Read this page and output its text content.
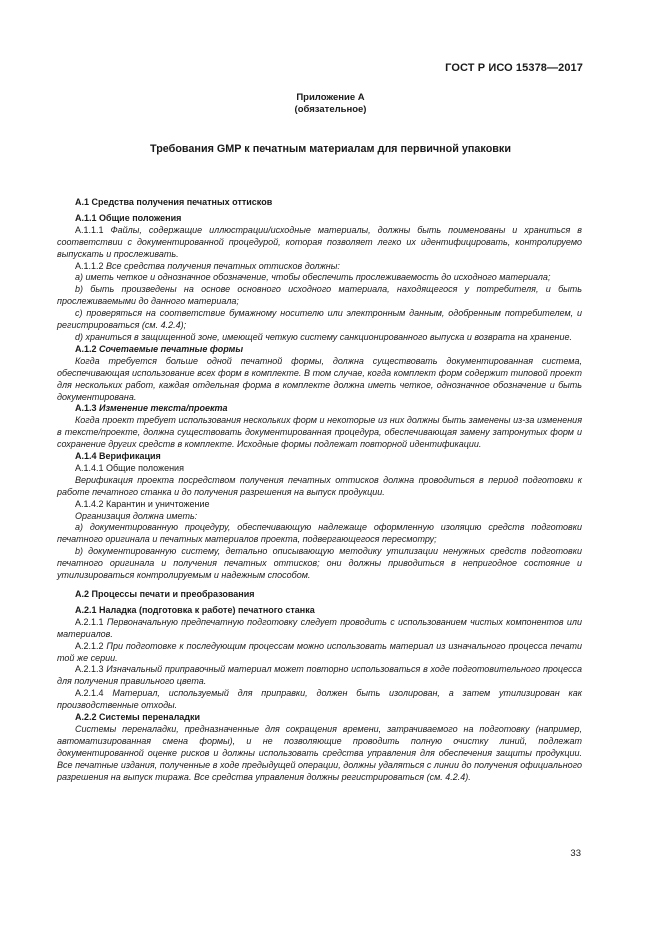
ГОСТ Р ИСО 15378—2017
Приложение А
(обязательное)
Требования GMP к печатным материалам для первичной упаковки

A.1 Средства получения печатных оттисков

A.1.1 Общие положения

A.1.1.1 Файлы, содержащие иллюстрации/исходные материалы, должны быть поименованы и храниться в соответствии с документированной процедурой, которая позволяет легко их идентифицировать, контролируемо выпускать и прослеживать.

A.1.1.2 Все средства получения печатных оттисков должны:

a) иметь четкое и однозначное обозначение, чтобы обеспечить прослеживаемость до исходного материала;

b) быть произведены на основе основного исходного материала, находящегося у потребителя, и быть прослеживаемыми до данного материала;

c) проверяться на соответствие бумажному носителю или электронным данным, одобренным потребителем, и регистрироваться (см. 4.2.4);

d) храниться в защищенной зоне, имеющей четкую систему санкционированного выпуска и возврата на хранение.

A.1.2 Сочетаемые печатные формы

Когда требуется больше одной печатной формы, должна существовать документированная система, обеспечивающая использование всех форм в комплекте. В том случае, когда комплект форм содержит типовой проект для нескольких работ, каждая отдельная форма в комплекте должна иметь четкое, однозначное обозначение и быть документирована.

A.1.3 Изменение текста/проекта

Когда проект требует использования нескольких форм и некоторые из них должны быть заменены из-за изменения в тексте/проекте, должна существовать документированная процедура, обеспечивающая замену затронутых форм и сохранение других средств в комплекте. Исходные формы подлежат повторной идентификации.

A.1.4 Верификация

A.1.4.1 Общие положения

Верификация проекта посредством получения печатных оттисков должна проводиться в период подготовки к работе печатного станка и до получения разрешения на выпуск продукции.

A.1.4.2 Карантин и уничтожение

Организация должна иметь:

a) документированную процедуру, обеспечивающую надлежаще оформленную изоляцию средств подготовки печатного оригинала и печатных материалов проекта, подвергающегося пересмотру;

b) документированную систему, детально описывающую методику утилизации ненужных средств подготовки печатного оригинала и получения печатных оттисков; они должны приводиться в непригодное состояние и утилизироваться контролируемым и надежным способом.

A.2 Процессы печати и преобразования

A.2.1 Наладка (подготовка к работе) печатного станка

A.2.1.1 Первоначальную предпечатную подготовку следует проводить с использованием чистых компонентов или материалов.

A.2.1.2 При подготовке к последующим процессам можно использовать материал из изначального процесса печати той же серии.

A.2.1.3 Изначальный приправочный материал может повторно использоваться в ходе подготовительного процесса для получения правильного цвета.

A.2.1.4 Материал, используемый для приправки, должен быть изолирован, а затем утилизирован как производственные отходы.

A.2.2 Системы переналадки

Системы переналадки, предназначенные для сокращения времени, затрачиваемого на подготовку (например, автоматизированная смена формы), и не позволяющие проводить полную очистку линий, подлежат документированной оценке рисков и должны использовать средства управления для обеспечения защиты продукции. Все печатные издания, полученные в ходе предыдущей операции, должны удаляться с линии до получения официального разрешения на выпуск тиража. Все средства управления должны регистрироваться (см. 4.2.4).

33
